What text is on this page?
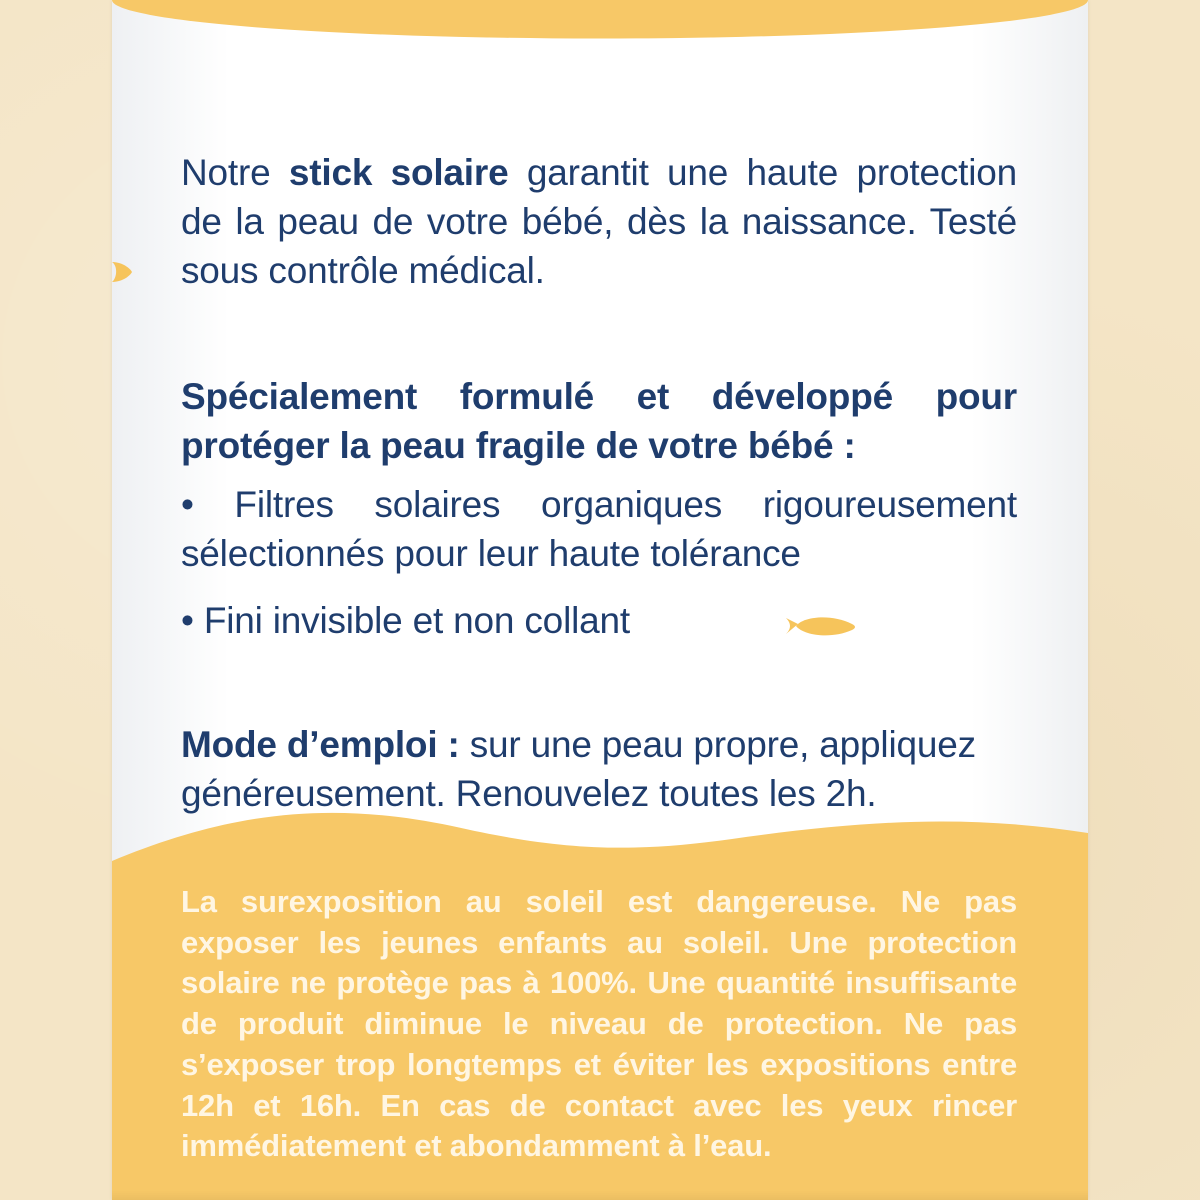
Notre stick solaire garantit une haute protection de la peau de votre bébé, dès la naissance. Testé sous contrôle médical.
Spécialement formulé et développé pour protéger la peau fragile de votre bébé :
• Filtres solaires organiques rigoureusement sélectionnés pour leur haute tolérance
• Fini invisible et non collant
Mode d’emploi : sur une peau propre, appliquez généreusement. Renouvelez toutes les 2h.
La surexposition au soleil est dangereuse. Ne pas exposer les jeunes enfants au soleil. Une protection solaire ne protège pas à 100%. Une quantité insuffisante de produit diminue le niveau de protection. Ne pas s’exposer trop longtemps et éviter les expositions entre 12h et 16h. En cas de contact avec les yeux rincer immédiatement et abondamment à l’eau.
